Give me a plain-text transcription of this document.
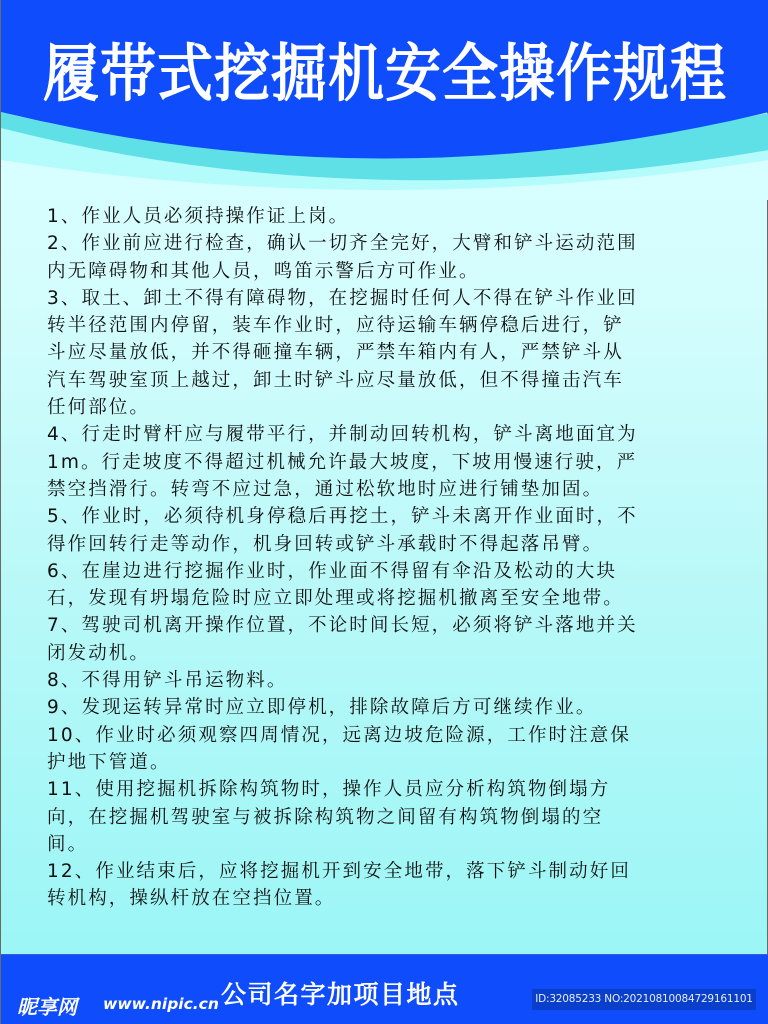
履带式挖掘机安全操作规程
1、作业人员必须持操作证上岗。
2、作业前应进行检查，确认一切齐全完好，大臂和铲斗运动范围
内无障碍物和其他人员，鸣笛示警后方可作业。
3、取土、卸土不得有障碍物，在挖掘时任何人不得在铲斗作业回
转半径范围内停留，装车作业时，应待运输车辆停稳后进行，铲
斗应尽量放低，并不得砸撞车辆，严禁车箱内有人，严禁铲斗从
汽车驾驶室顶上越过，卸土时铲斗应尽量放低，但不得撞击汽车
任何部位。
4、行走时臂杆应与履带平行，并制动回转机构，铲斗离地面宜为
1m。行走坡度不得超过机械允许最大坡度，下坡用慢速行驶，严
禁空挡滑行。转弯不应过急，通过松软地时应进行铺垫加固。
5、作业时，必须待机身停稳后再挖土，铲斗未离开作业面时，不
得作回转行走等动作，机身回转或铲斗承载时不得起落吊臂。
6、在崖边进行挖掘作业时，作业面不得留有伞沿及松动的大块
石，发现有坍塌危险时应立即处理或将挖掘机撤离至安全地带。
7、驾驶司机离开操作位置，不论时间长短，必须将铲斗落地并关
闭发动机。
8、不得用铲斗吊运物料。
9、发现运转异常时应立即停机，排除故障后方可继续作业。
10、作业时必须观察四周情况，远离边坡危险源，工作时注意保
护地下管道。
11、使用挖掘机拆除构筑物时，操作人员应分析构筑物倒塌方
向，在挖掘机驾驶室与被拆除构筑物之间留有构筑物倒塌的空
间。
12、作业结束后，应将挖掘机开到安全地带，落下铲斗制动好回
转机构，操纵杆放在空挡位置。
昵享网 www.nipic.cn 公司名字加项目地点	ID:32085233 NO:20210810084729161101
